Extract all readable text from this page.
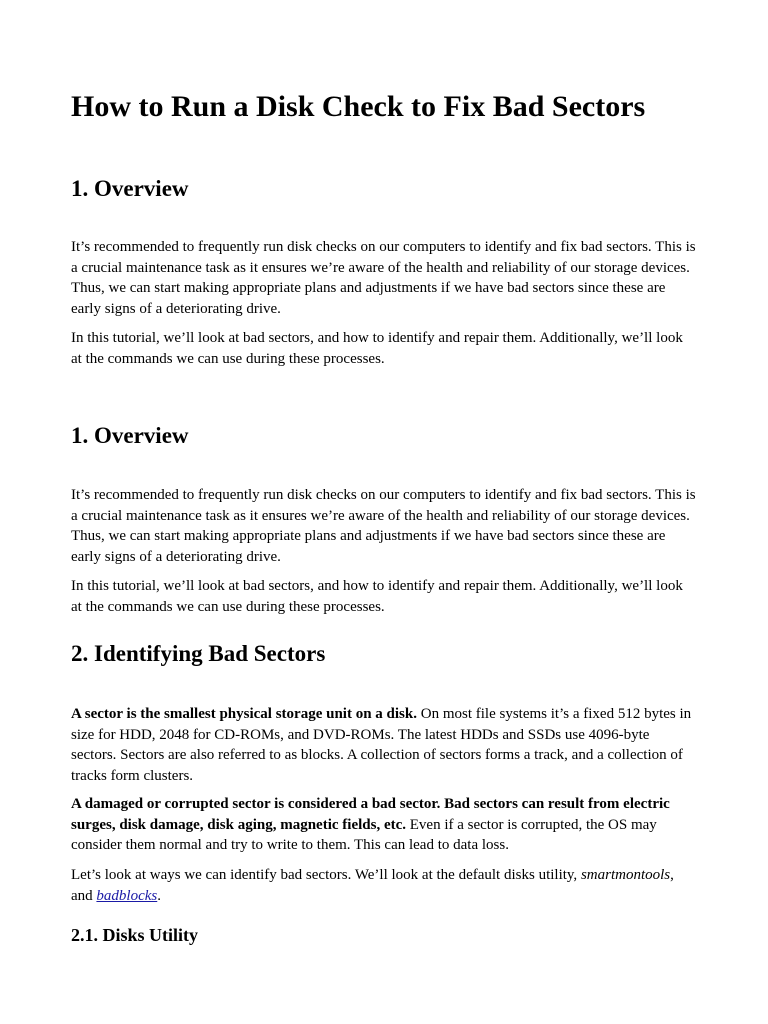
How to Run a Disk Check to Fix Bad Sectors
1. Overview

It’s recommended to frequently run disk checks on our computers to identify and fix bad sectors. This is a crucial maintenance task as it ensures we’re aware of the health and reliability of our storage devices. Thus, we can start making appropriate plans and adjustments if we have bad sectors since these are early signs of a deteriorating drive.

In this tutorial, we’ll look at bad sectors, and how to identify and repair them. Additionally, we’ll look at the commands we can use during these processes.

1. Overview

It’s recommended to frequently run disk checks on our computers to identify and fix bad sectors. This is a crucial maintenance task as it ensures we’re aware of the health and reliability of our storage devices. Thus, we can start making appropriate plans and adjustments if we have bad sectors since these are early signs of a deteriorating drive.

In this tutorial, we’ll look at bad sectors, and how to identify and repair them. Additionally, we’ll look at the commands we can use during these processes.

2. Identifying Bad Sectors

A sector is the smallest physical storage unit on a disk. On most file systems it’s a fixed 512 bytes in size for HDD, 2048 for CD-ROMs, and DVD-ROMs. The latest HDDs and SSDs use 4096-byte sectors. Sectors are also referred to as blocks. A collection of sectors forms a track, and a collection of tracks form clusters.

A damaged or corrupted sector is considered a bad sector. Bad sectors can result from electric surges, disk damage, disk aging, magnetic fields, etc. Even if a sector is corrupted, the OS may consider them normal and try to write to them. This can lead to data loss.

Let’s look at ways we can identify bad sectors. We’ll look at the default disks utility, smartmontools, and badblocks.

2.1. Disks Utility
